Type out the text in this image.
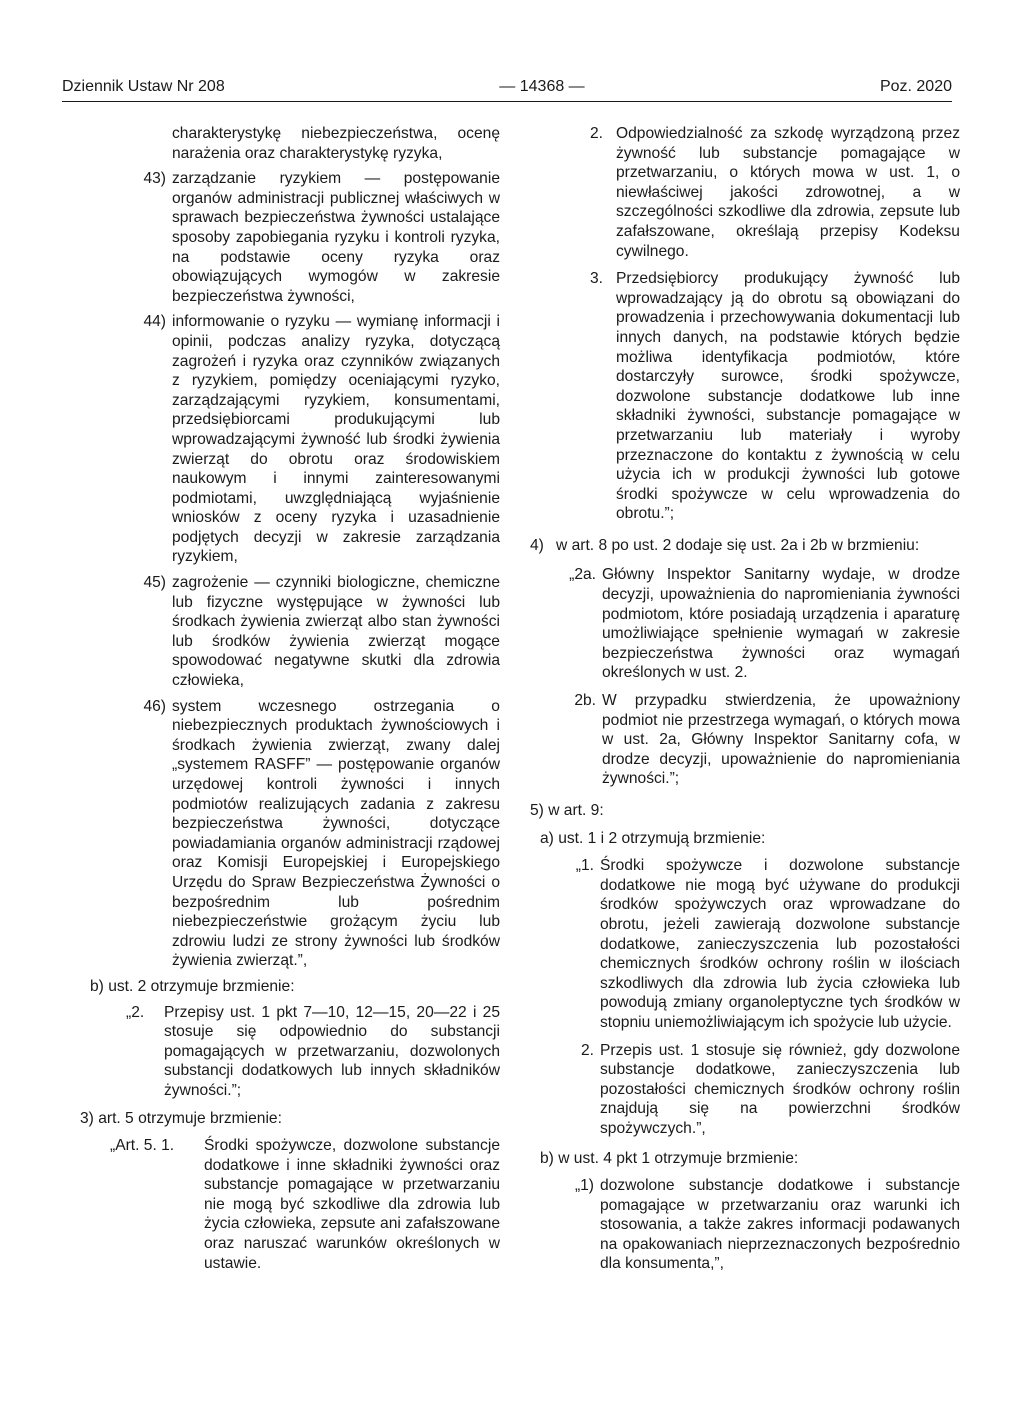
Dziennik Ustaw Nr 208	— 14368 —	Poz. 2020

charakterystykę niebezpieczeństwa, ocenę narażenia oraz charakterystykę ryzyka,

43) zarządzanie ryzykiem — postępowanie organów administracji publicznej właściwych w sprawach bezpieczeństwa żywności ustalające sposoby zapobiegania ryzyku i kontroli ryzyka, na podstawie oceny ryzyka oraz obowiązujących wymogów w zakresie bezpieczeństwa żywności,
44) informowanie o ryzyku — wymianę informacji i opinii, podczas analizy ryzyka, dotyczącą zagrożeń i ryzyka oraz czynników związanych z ryzykiem, pomiędzy oceniającymi ryzyko, zarządzającymi ryzykiem, konsumentami, przedsiębiorcami produkującymi lub wprowadzającymi żywność lub środki żywienia zwierząt do obrotu oraz środowiskiem naukowym i innymi zainteresowanymi podmiotami, uwzględniającą wyjaśnienie wniosków z oceny ryzyka i uzasadnienie podjętych decyzji w zakresie zarządzania ryzykiem,
45) zagrożenie — czynniki biologiczne, chemiczne lub fizyczne występujące w żywności lub środkach żywienia zwierząt albo stan żywności lub środków żywienia zwierząt mogące spowodować negatywne skutki dla zdrowia człowieka,
46) system wczesnego ostrzegania o niebezpiecznych produktach żywnościowych i środkach żywienia zwierząt, zwany dalej „systemem RASFF” — postępowanie organów urzędowej kontroli żywności i innych podmiotów realizujących zadania z zakresu bezpieczeństwa żywności, dotyczące powiadamiania organów administracji rządowej oraz Komisji Europejskiej i Europejskiego Urzędu do Spraw Bezpieczeństwa Żywności o bezpośrednim lub pośrednim niebezpieczeństwie grożącym życiu lub zdrowiu ludzi ze strony żywności lub środków żywienia zwierząt.”,

b) ust. 2 otrzymuje brzmienie:

„2.	Przepisy ust. 1 pkt 7—10, 12—15, 20—22 i 25 stosuje się odpowiednio do substancji pomagających w przetwarzaniu, dozwolonych substancji dodatkowych lub innych składników żywności.”;

3) art. 5 otrzymuje brzmienie:

„Art. 5. 1.	Środki spożywcze, dozwolone substancje dodatkowe i inne składniki żywności oraz substancje pomagające w przetwarzaniu nie mogą być szkodliwe dla zdrowia lub życia człowieka, zepsute ani zafałszowane oraz naruszać warunków określonych w ustawie.
2. Odpowiedzialność za szkodę wyrządzoną przez żywność lub substancje pomagające w przetwarzaniu, o których mowa w ust. 1, o niewłaściwej jakości zdrowotnej, a w szczególności szkodliwe dla zdrowia, zepsute lub zafałszowane, określają przepisy Kodeksu cywilnego.
3. Przedsiębiorcy produkujący żywność lub wprowadzający ją do obrotu są obowiązani do prowadzenia i przechowywania dokumentacji lub innych danych, na podstawie których będzie możliwa identyfikacja podmiotów, które dostarczyły surowce, środki spożywcze, dozwolone substancje dodatkowe lub inne składniki żywności, substancje pomagające w przetwarzaniu lub materiały i wyroby przeznaczone do kontaktu z żywnością w celu użycia ich w produkcji żywności lub gotowe środki spożywcze w celu wprowadzenia do obrotu.”;
4) w art. 8 po ust. 2 dodaje się ust. 2a i 2b w brzmieniu:
„2a. Główny Inspektor Sanitarny wydaje, w drodze decyzji, upoważnienia do napromieniania żywności podmiotom, które posiadają urządzenia i aparaturę umożliwiające spełnienie wymagań w zakresie bezpieczeństwa żywności oraz wymagań określonych w ust. 2.
2b. W przypadku stwierdzenia, że upoważniony podmiot nie przestrzega wymagań, o których mowa w ust. 2a, Główny Inspektor Sanitarny cofa, w drodze decyzji, upoważnienie do napromieniania żywności.”;

5) w art. 9:

a) ust. 1 i 2 otrzymują brzmienie:

„1. Środki spożywcze i dozwolone substancje dodatkowe nie mogą być używane do produkcji środków spożywczych oraz wprowadzane do obrotu, jeżeli zawierają dozwolone substancje dodatkowe, zanieczyszczenia lub pozostałości chemicznych środków ochrony roślin w ilościach szkodliwych dla zdrowia lub życia człowieka lub powodują zmiany organoleptyczne tych środków w stopniu uniemożliwiającym ich spożycie lub użycie.
2. Przepis ust. 1 stosuje się również, gdy dozwolone substancje dodatkowe, zanieczyszczenia lub pozostałości chemicznych środków ochrony roślin znajdują się na powierzchni środków spożywczych.”,

b) w ust. 4 pkt 1 otrzymuje brzmienie:

„1) dozwolone substancje dodatkowe i substancje pomagające w przetwarzaniu oraz warunki ich stosowania, a także zakres informacji podawanych na opakowaniach nieprzeznaczonych bezpośrednio dla konsumenta,”,
